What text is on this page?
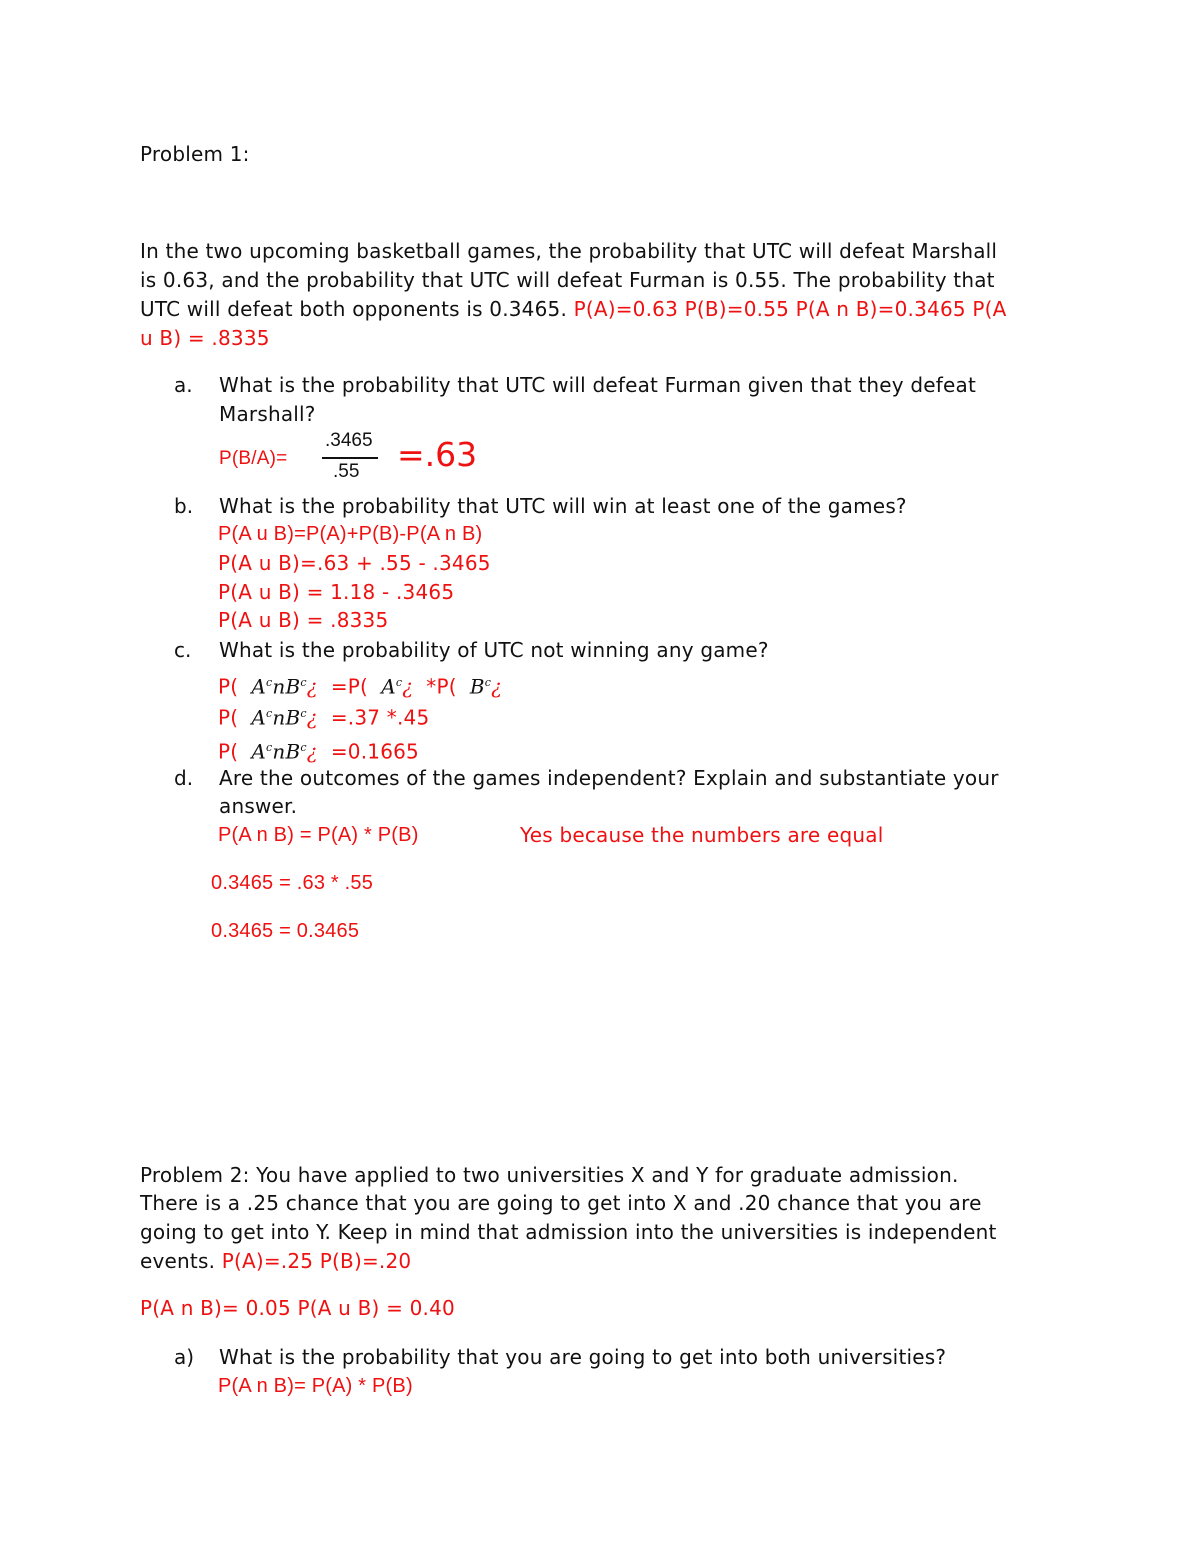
Problem 1:
In the two upcoming basketball games, the probability that UTC will defeat Marshall
is 0.63, and the probability that UTC will defeat Furman is 0.55. The probability that
UTC will defeat both opponents is 0.3465. P(A)=0.63 P(B)=0.55 P(A n B)=0.3465 P(A
u B) = .8335
a. What is the probability that UTC will defeat Furman given that they defeat
Marshall?
P(B/A)=
.3465
.55 =.63
b. What is the probability that UTC will win at least one of the games?
P(A u B)=P(A)+P(B)-P(A n B)
P(A u B)=.63 + .55 - .3465
P(A u B) = 1.18 - .3465
P(A u B) = .8335
c. What is the probability of UTC not winning any game?
P( $A^cnB^c¿ =P$( $A^c¿$  *P( $B^c¿$
P( $A^cnB^c¿ =.37$ *.45
P( $A^cnB^c¿ =0.1665$
d. Are the outcomes of the games independent? Explain and substantiate your
answer.
P(A n B) = P(A) * P(B)	Yes because the numbers are equal
0.3465 = .63 * .55
0.3465 = 0.3465
Problem 2: You have applied to two universities X and Y for graduate admission.
There is a .25 chance that you are going to get into X and .20 chance that you are
going to get into Y. Keep in mind that admission into the universities is independent
events. P(A)=.25 P(B)=.20
P(A n B)= 0.05 P(A u B) = 0.40
a) What is the probability that you are going to get into both universities?
P(A n B)= P(A) * P(B)
